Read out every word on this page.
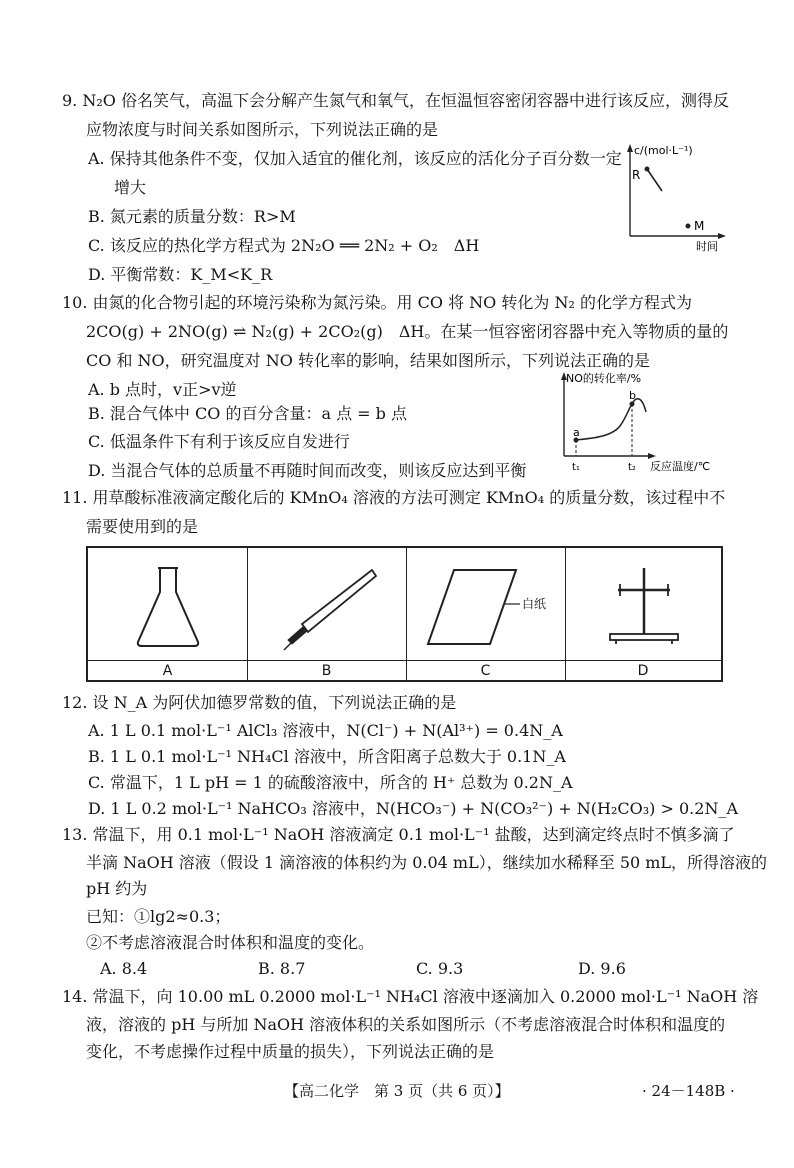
9. N₂O 俗名笑气，高温下会分解产生氮气和氧气，在恒温恒容密闭容器中进行该反应，测得反
应物浓度与时间关系如图所示，下列说法正确的是
A. 保持其他条件不变，仅加入适宜的催化剂，该反应的活化分子百分数一定
增大
B. 氮元素的质量分数：R>M
C. 该反应的热化学方程式为 2N₂O ══ 2N₂ + O₂　ΔH
D. 平衡常数：K_M<K_R
c/(mol·L⁻¹)
R
M
时间
10. 由氮的化合物引起的环境污染称为氮污染。用 CO 将 NO 转化为 N₂ 的化学方程式为
2CO(g) + 2NO(g) ⇌ N₂(g) + 2CO₂(g)　ΔH。在某一恒容密闭容器中充入等物质的量的
CO 和 NO，研究温度对 NO 转化率的影响，结果如图所示，下列说法正确的是
A. b 点时，v正>v逆
B. 混合气体中 CO 的百分含量：a 点 = b 点
C. 低温条件下有利于该反应自发进行
D. 当混合气体的总质量不再随时间而改变，则该反应达到平衡
NO的转化率/%
a
b
t₁	t₂ 反应温度/℃
11. 用草酸标准液滴定酸化后的 KMnO₄ 溶液的方法可测定 KMnO₄ 的质量分数，该过程中不
需要使用到的是
白纸
A	B	C	D
12. 设 N_A 为阿伏加德罗常数的值，下列说法正确的是
A. 1 L 0.1 mol·L⁻¹ AlCl₃ 溶液中，N(Cl⁻) + N(Al³⁺) = 0.4N_A
B. 1 L 0.1 mol·L⁻¹ NH₄Cl 溶液中，所含阳离子总数大于 0.1N_A
C. 常温下，1 L pH = 1 的硫酸溶液中，所含的 H⁺ 总数为 0.2N_A
D. 1 L 0.2 mol·L⁻¹ NaHCO₃ 溶液中，N(HCO₃⁻) + N(CO₃²⁻) + N(H₂CO₃) > 0.2N_A
13. 常温下，用 0.1 mol·L⁻¹ NaOH 溶液滴定 0.1 mol·L⁻¹ 盐酸，达到滴定终点时不慎多滴了
半滴 NaOH 溶液（假设 1 滴溶液的体积约为 0.04 mL），继续加水稀释至 50 mL，所得溶液的
pH 约为
已知：①lg2≈0.3；
②不考虑溶液混合时体积和温度的变化。
A. 8.4	B. 8.7	C. 9.3	D. 9.6
14. 常温下，向 10.00 mL 0.2000 mol·L⁻¹ NH₄Cl 溶液中逐滴加入 0.2000 mol·L⁻¹ NaOH 溶
液，溶液的 pH 与所加 NaOH 溶液体积的关系如图所示（不考虑溶液混合时体积和温度的
变化，不考虑操作过程中质量的损失），下列说法正确的是
【高二化学　第 3 页（共 6 页）】	· 24－148B ·
